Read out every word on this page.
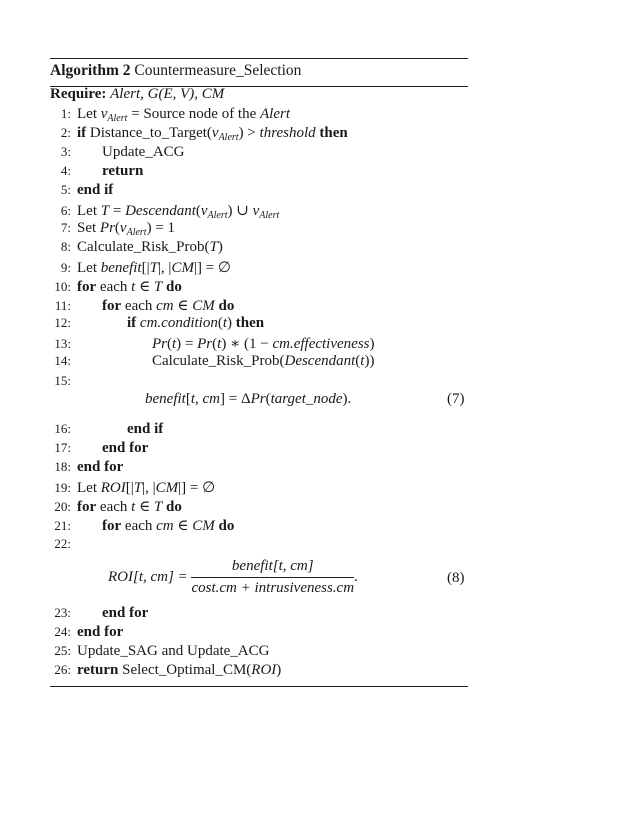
Algorithm 2 Countermeasure_Selection
Require: Alert, G(E, V), CM
1: Let $v_{Alert}$ = Source node of the Alert
2: if $Distance\_to\_Target(v_{Alert})$ > threshold then
3: Update_ACG
4: return
5: end if
6: Let $T = Descendant(v_{Alert})$ ∪ $v_{Alert}$
7: Set $Pr(v_{Alert}) = 1$
8: Calculate_Risk_Prob(T)
9: Let benefit[|T|, |CM|] = ∅
10: for each t ∈ T do
11: for each cm ∈ CM do
12:	if cm.condition(t) then
13:	Pr(t) = Pr(t) ∗ (1 − cm.effectiveness)
14:	Calculate_Risk_Prob(Descendant(t))
15:
benefit[t, cm] = ΔPr(target_node).	(7)
16:	end if
17: end for
18: end for
19: Let ROI[|T|, |CM|] = ∅
20: for each t ∈ T do
21: for each cm ∈ CM do
22:
ROI[t, $cm] = \frac{\text{benefit[t, cm]}}{\text{cost.cm + intrusiveness.cm}}$ .	(8)
23: end for
24: end for
25: Update_SAG and Update_ACG
26: return Select_Optimal_CM(ROI)
